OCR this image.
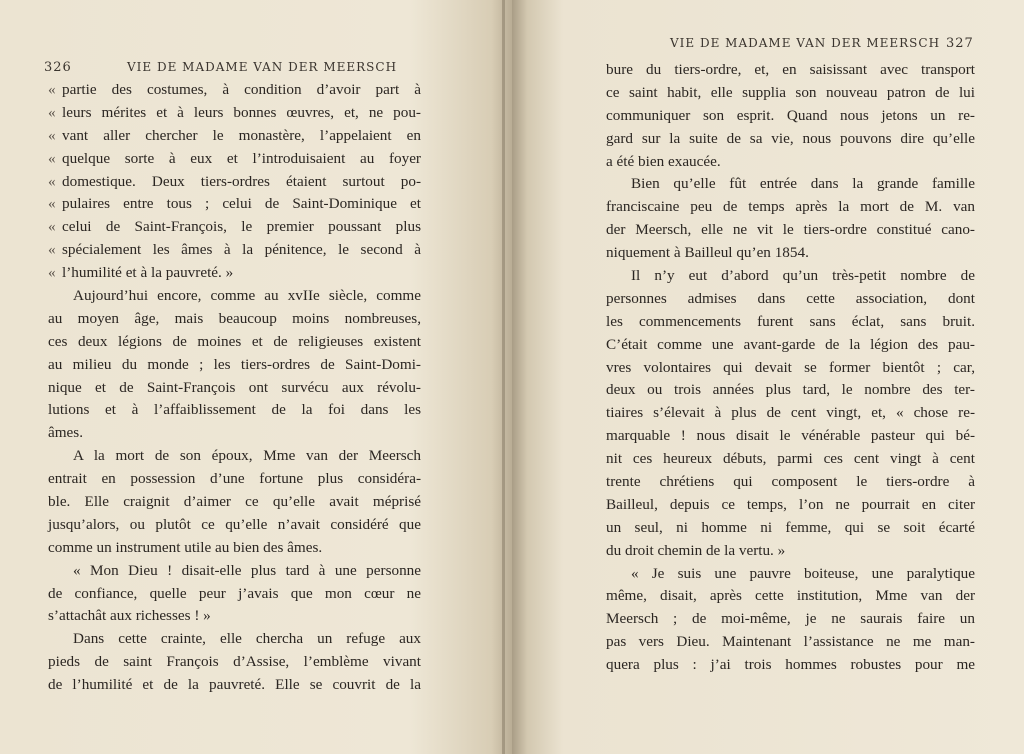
326	VIE DE MADAME VAN DER MEERSCH
« partie des costumes, à condition d’avoir part à
« leurs mérites et à leurs bonnes œuvres, et, ne pou-
« vant aller chercher le monastère, l’appelaient en
« quelque sorte à eux et l’introduisaient au foyer
« domestique. Deux tiers-ordres étaient surtout po-
« pulaires entre tous ; celui de Saint-Dominique et
« celui de Saint-François, le premier poussant plus
« spécialement les âmes à la pénitence, le second à
« l’humilité et à la pauvreté. »
Aujourd’hui encore, comme au xvIIe siècle, comme
au moyen âge, mais beaucoup moins nombreuses,
ces deux légions de moines et de religieuses existent
au milieu du monde ; les tiers-ordres de Saint-Domi-
nique et de Saint-François ont survécu aux révolu-
lutions et à l’affaiblissement de la foi dans les
âmes.
A la mort de son époux, Mme van der Meersch
entrait en possession d’une fortune plus considéra-
ble. Elle craignit d’aimer ce qu’elle avait méprisé
jusqu’alors, ou plutôt ce qu’elle n’avait considéré que
comme un instrument utile au bien des âmes.
« Mon Dieu ! disait-elle plus tard à une personne
de confiance, quelle peur j’avais que mon cœur ne
s’attachât aux richesses ! »
Dans cette crainte, elle chercha un refuge aux
pieds de saint François d’Assise, l’emblème vivant
de l’humilité et de la pauvreté. Elle se couvrit de la
VIE DE MADAME VAN DER MEERSCH 327
bure du tiers-ordre, et, en saisissant avec transport
ce saint habit, elle supplia son nouveau patron de lui
communiquer son esprit. Quand nous jetons un re-
gard sur la suite de sa vie, nous pouvons dire qu’elle
a été bien exaucée.
Bien qu’elle fût entrée dans la grande famille
franciscaine peu de temps après la mort de M. van
der Meersch, elle ne vit le tiers-ordre constitué cano-
niquement à Bailleul qu’en 1854.
Il n’y eut d’abord qu’un très-petit nombre de
personnes admises dans cette association, dont
les commencements furent sans éclat, sans bruit.
C’était comme une avant-garde de la légion des pau-
vres volontaires qui devait se former bientôt ; car,
deux ou trois années plus tard, le nombre des ter-
tiaires s’élevait à plus de cent vingt, et, « chose re-
marquable ! nous disait le vénérable pasteur qui bé-
nit ces heureux débuts, parmi ces cent vingt à cent
trente chrétiens qui composent le tiers-ordre à
Bailleul, depuis ce temps, l’on ne pourrait en citer
un seul, ni homme ni femme, qui se soit écarté
du droit chemin de la vertu. »
« Je suis une pauvre boiteuse, une paralytique
même, disait, après cette institution, Mme van der
Meersch ; de moi-même, je ne saurais faire un
pas vers Dieu. Maintenant l’assistance ne me man-
quera plus : j’ai trois hommes robustes pour me
